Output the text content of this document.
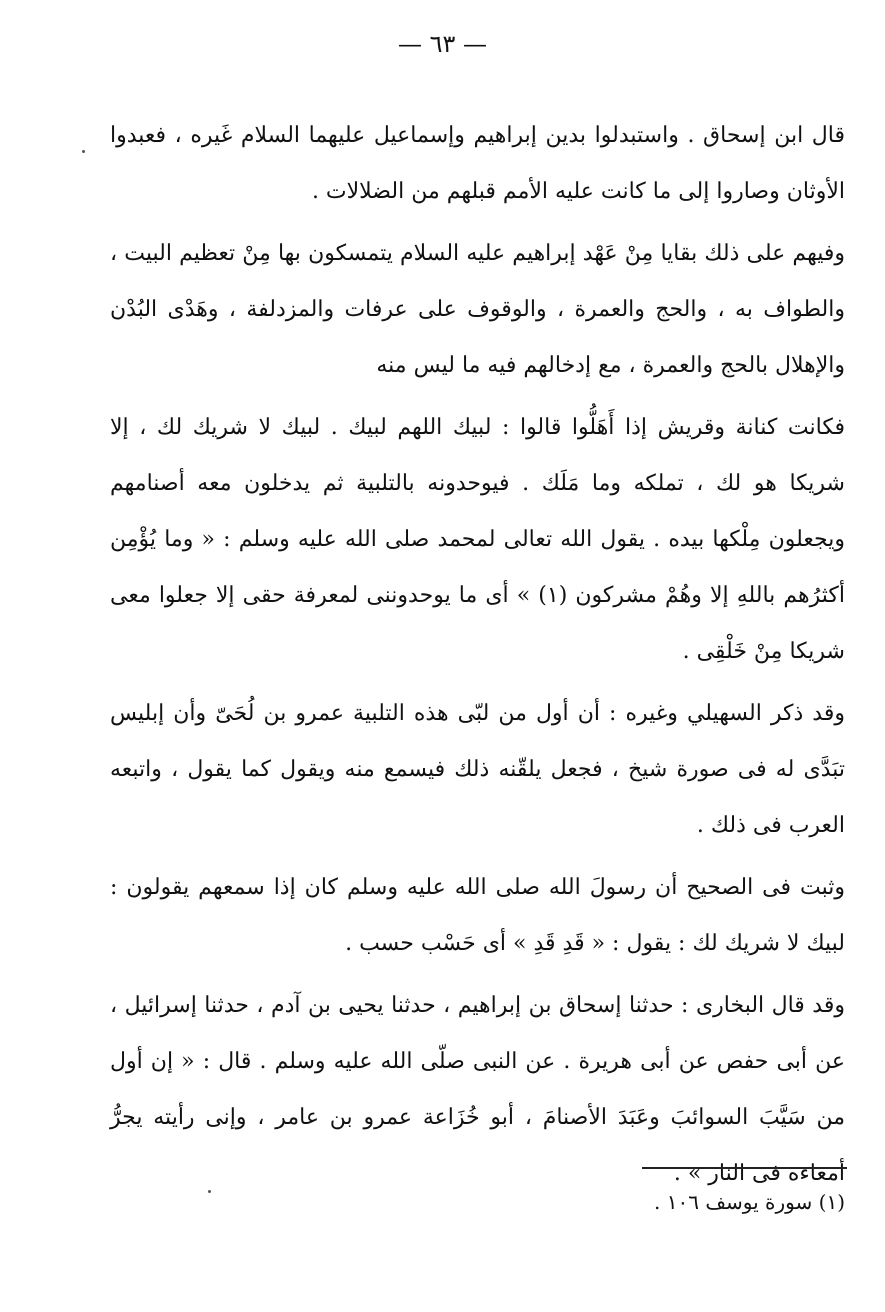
— ٦٣ —

قال ابن إسحاق . واستبدلوا بدين إبراهيم وإسماعيل عليهما السلام غَيره ، فعبدوا الأوثان وصاروا إلى ما كانت عليه الأمم قبلهم من الضلالات .

وفيهم على ذلك بقايا مِنْ عَهْد إبراهيم عليه السلام يتمسكون بها مِنْ تعظيم البيت ، والطواف به ، والحج والعمرة ، والوقوف على عرفات والمزدلفة ، وهَدْى البُدْن والإهلال بالحج والعمرة ، مع إدخالهم فيه ما ليس منه

فكانت كنانة وقريش إذا أَهَلُّوا قالوا : لبيك اللهم لبيك . لبيك لا شريك لك ، إلا شريكا هو لك ، تملكه وما مَلَك . فيوحدونه بالتلبية ثم يدخلون معه أصنامهم ويجعلون مِلْكها بيده . يقول الله تعالى لمحمد صلى الله عليه وسلم : « وما يُؤْمِن أكثرُهم باللهِ إلا وهُمْ مشركون (١) » أى ما يوحدوننى لمعرفة حقى إلا جعلوا معى شريكا مِنْ خَلْقِى .

وقد ذكر السهيلي وغيره : أن أول من لبّى هذه التلبية عمرو بن لُحَىّ وأن إبليس تبَدَّى له فى صورة شيخ ، فجعل يلقّنه ذلك فيسمع منه ويقول كما يقول ، واتبعه العرب فى ذلك .

وثبت فى الصحيح أن رسولَ الله صلى الله عليه وسلم كان إذا سمعهم يقولون : لبيك لا شريك لك : يقول : « قَدِ قَدِ » أى حَسْب حسب .

وقد قال البخارى : حدثنا إسحاق بن إبراهيم ، حدثنا يحيى بن آدم ، حدثنا إسرائيل ، عن أبى حفص عن أبى هريرة . عن النبى صلّى الله عليه وسلم . قال : « إن أول من سَيَّبَ السوائبَ وعَبَدَ الأصنامَ ، أبو خُزَاعة عمرو بن عامر ، وإنى رأيته يجرُّ أمعاءه فى النار » .

(١) سورة يوسف ١٠٦ .
